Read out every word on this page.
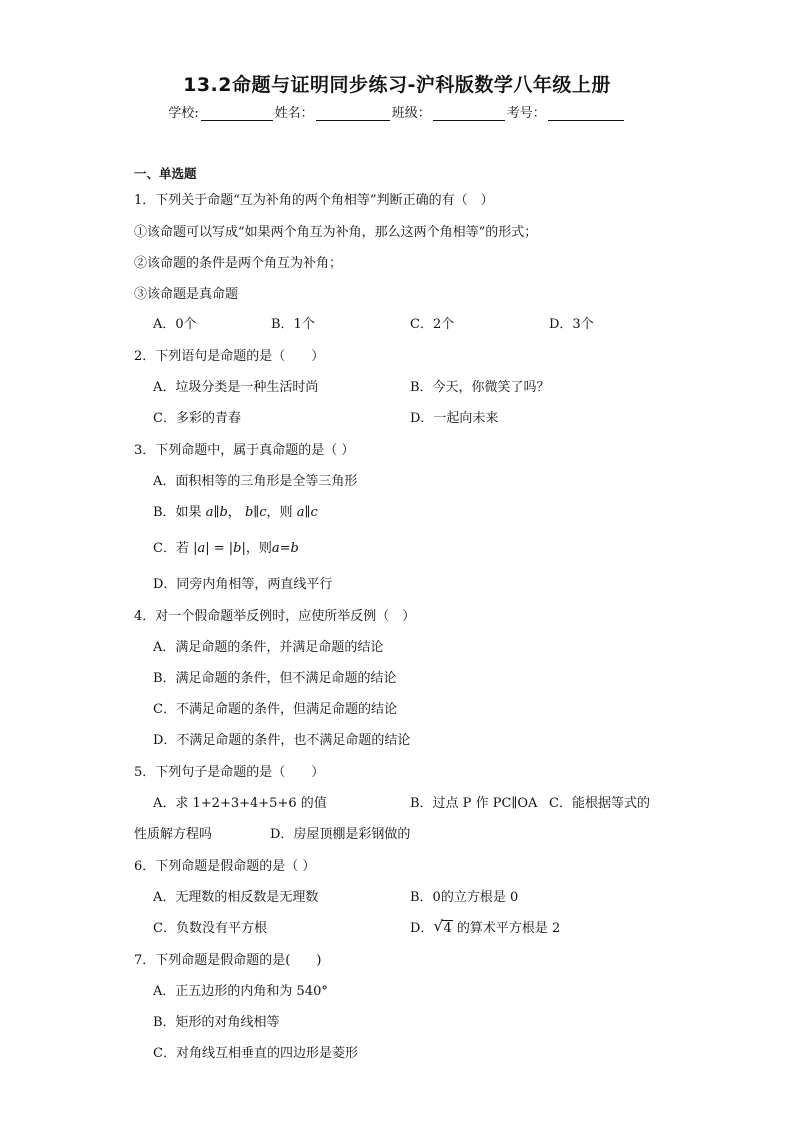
13.2命题与证明同步练习-沪科版数学八年级上册
学校:	姓名：	班级：	考号：
一、单选题
1．下列关于命题“互为补角的两个角相等”判断正确的有（　）
①该命题可以写成“如果两个角互为补角，那么这两个角相等”的形式；
②该命题的条件是两个角互为补角；
③该命题是真命题
A．0个	B．1个	C．2个	D．3个
2．下列语句是命题的是（　　）
A．垃圾分类是一种生活时尚	B．今天，你微笑了吗？
C．多彩的青春	D．一起向未来
3．下列命题中，属于真命题的是（ ）
A．面积相等的三角形是全等三角形
B．如果 a∥b， b∥c，则 a∥c
C．若 |a| = |b|，则a=b
D．同旁内角相等，两直线平行
4．对一个假命题举反例时，应使所举反例（　）
A．满足命题的条件，并满足命题的结论
B．满足命题的条件，但不满足命题的结论
C．不满足命题的条件，但满足命题的结论
D．不满足命题的条件，也不满足命题的结论
5．下列句子是命题的是（　　）
A．求 1+2+3+4+5+6 的值	B．过点 P 作 PC∥OA C．能根据等式的
性质解方程吗	D．房屋顶棚是彩钢做的
6．下列命题是假命题的是（ ）
A．无理数的相反数是无理数	B．0的立方根是 0
C．负数没有平方根	D． √ 4 的算术平方根是 2
7．下列命题是假命题的是(　　)
A．正五边形的内角和为 540°
B．矩形的对角线相等
C．对角线互相垂直的四边形是菱形
